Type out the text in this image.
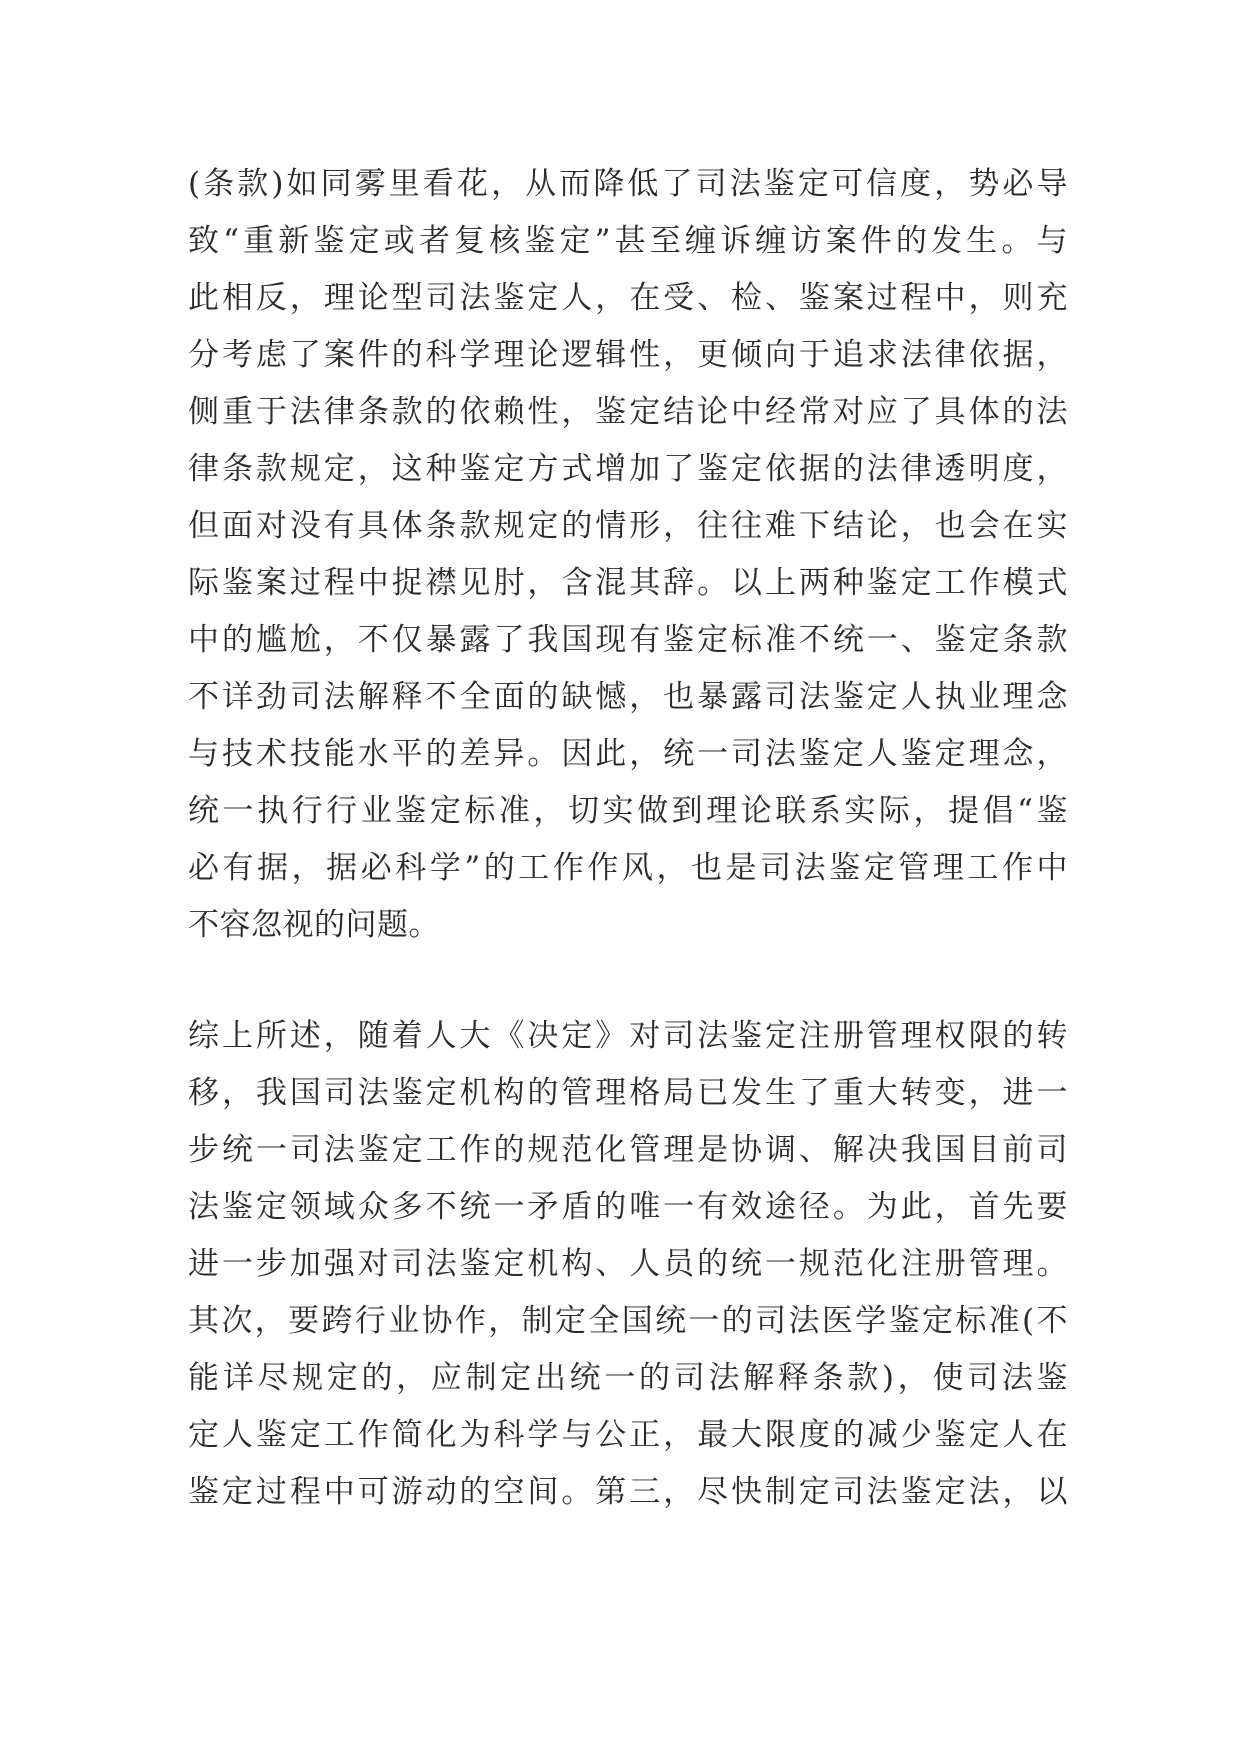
(条款)如同雾里看花，从而降低了司法鉴定可信度，势必导
致“重新鉴定或者复核鉴定”甚至缠诉缠访案件的发生。与
此相反，理论型司法鉴定人，在受、检、鉴案过程中，则充
分考虑了案件的科学理论逻辑性，更倾向于追求法律依据，
侧重于法律条款的依赖性，鉴定结论中经常对应了具体的法
律条款规定，这种鉴定方式增加了鉴定依据的法律透明度，
但面对没有具体条款规定的情形，往往难下结论，也会在实
际鉴案过程中捉襟见肘，含混其辞。以上两种鉴定工作模式
中的尴尬，不仅暴露了我国现有鉴定标准不统一、鉴定条款
不详劲司法解释不全面的缺憾，也暴露司法鉴定人执业理念
与技术技能水平的差异。因此，统一司法鉴定人鉴定理念，
统一执行行业鉴定标准，切实做到理论联系实际，提倡“鉴
必有据，据必科学”的工作作风，也是司法鉴定管理工作中
不容忽视的问题。
综上所述，随着人大《决定》对司法鉴定注册管理权限的转
移，我国司法鉴定机构的管理格局已发生了重大转变，进一
步统一司法鉴定工作的规范化管理是协调、解决我国目前司
法鉴定领域众多不统一矛盾的唯一有效途径。为此，首先要
进一步加强对司法鉴定机构、人员的统一规范化注册管理。
其次，要跨行业协作，制定全国统一的司法医学鉴定标准(不
能详尽规定的，应制定出统一的司法解释条款)，使司法鉴
定人鉴定工作简化为科学与公正，最大限度的减少鉴定人在
鉴定过程中可游动的空间。第三，尽快制定司法鉴定法，以
